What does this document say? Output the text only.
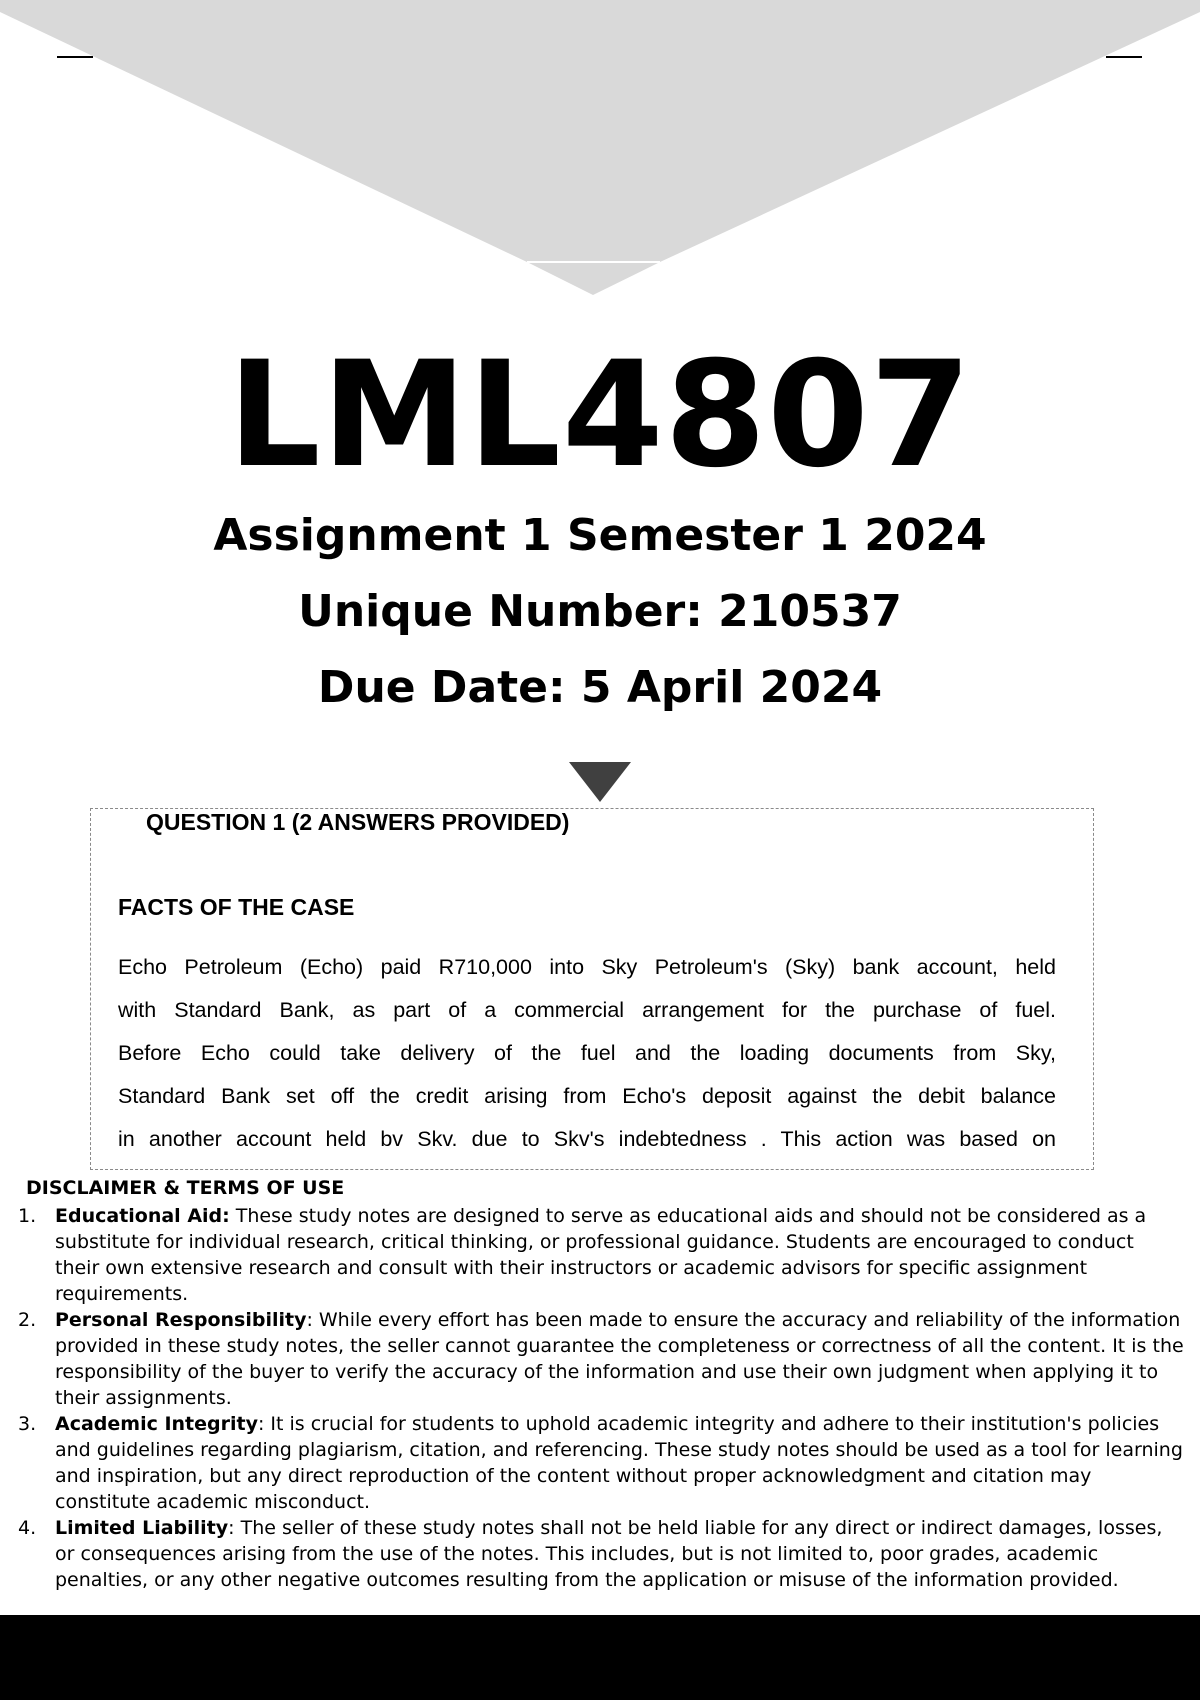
LML4807
Assignment 1 Semester 1 2024
Unique Number: 210537
Due Date: 5 April 2024
QUESTION 1 (2 ANSWERS PROVIDED)
FACTS OF THE CASE
Echo Petroleum (Echo) paid R710,000 into Sky Petroleum's (Sky) bank account, held
with Standard Bank, as part of a commercial arrangement for the purchase of fuel.
Before Echo could take delivery of the fuel and the loading documents from Sky,
Standard Bank set off the credit arising from Echo's deposit against the debit balance
in another account held bv Skv. due to Skv's indebtedness . This action was based on
DISCLAIMER & TERMS OF USE
1. Educational Aid: These study notes are designed to serve as educational aids and should not be considered as a substitute for individual research, critical thinking, or professional guidance. Students are encouraged to conduct their own extensive research and consult with their instructors or academic advisors for specific assignment requirements.
2. Personal Responsibility: While every effort has been made to ensure the accuracy and reliability of the information provided in these study notes, the seller cannot guarantee the completeness or correctness of all the content. It is the responsibility of the buyer to verify the accuracy of the information and use their own judgment when applying it to their assignments.
3. Academic Integrity: It is crucial for students to uphold academic integrity and adhere to their institution's policies and guidelines regarding plagiarism, citation, and referencing. These study notes should be used as a tool for learning and inspiration, but any direct reproduction of the content without proper acknowledgment and citation may constitute academic misconduct.
4. Limited Liability: The seller of these study notes shall not be held liable for any direct or indirect damages, losses, or consequences arising from the use of the notes. This includes, but is not limited to, poor grades, academic penalties, or any other negative outcomes resulting from the application or misuse of the information provided.
